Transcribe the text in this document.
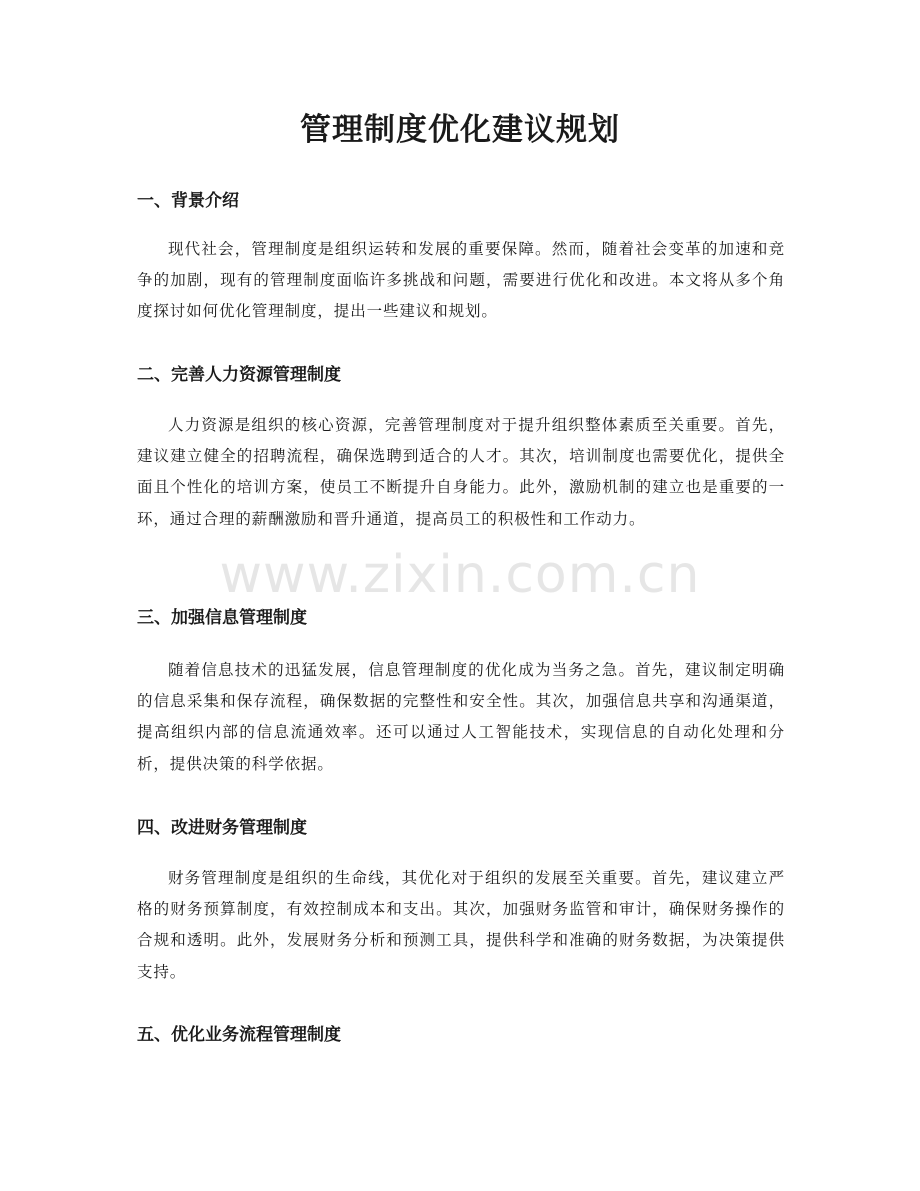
管理制度优化建议规划
一、背景介绍

现代社会，管理制度是组织运转和发展的重要保障。然而，随着社会变革的加速和竞争的加剧，现有的管理制度面临许多挑战和问题，需要进行优化和改进。本文将从多个角度探讨如何优化管理制度，提出一些建议和规划。

二、完善人力资源管理制度

人力资源是组织的核心资源，完善管理制度对于提升组织整体素质至关重要。首先，建议建立健全的招聘流程，确保选聘到适合的人才。其次，培训制度也需要优化，提供全面且个性化的培训方案，使员工不断提升自身能力。此外，激励机制的建立也是重要的一环，通过合理的薪酬激励和晋升通道，提高员工的积极性和工作动力。

www.zixin.com.cn
三、加强信息管理制度

随着信息技术的迅猛发展，信息管理制度的优化成为当务之急。首先，建议制定明确的信息采集和保存流程，确保数据的完整性和安全性。其次，加强信息共享和沟通渠道，提高组织内部的信息流通效率。还可以通过人工智能技术，实现信息的自动化处理和分析，提供决策的科学依据。

四、改进财务管理制度

财务管理制度是组织的生命线，其优化对于组织的发展至关重要。首先，建议建立严格的财务预算制度，有效控制成本和支出。其次，加强财务监管和审计，确保财务操作的合规和透明。此外，发展财务分析和预测工具，提供科学和准确的财务数据，为决策提供支持。

五、优化业务流程管理制度
